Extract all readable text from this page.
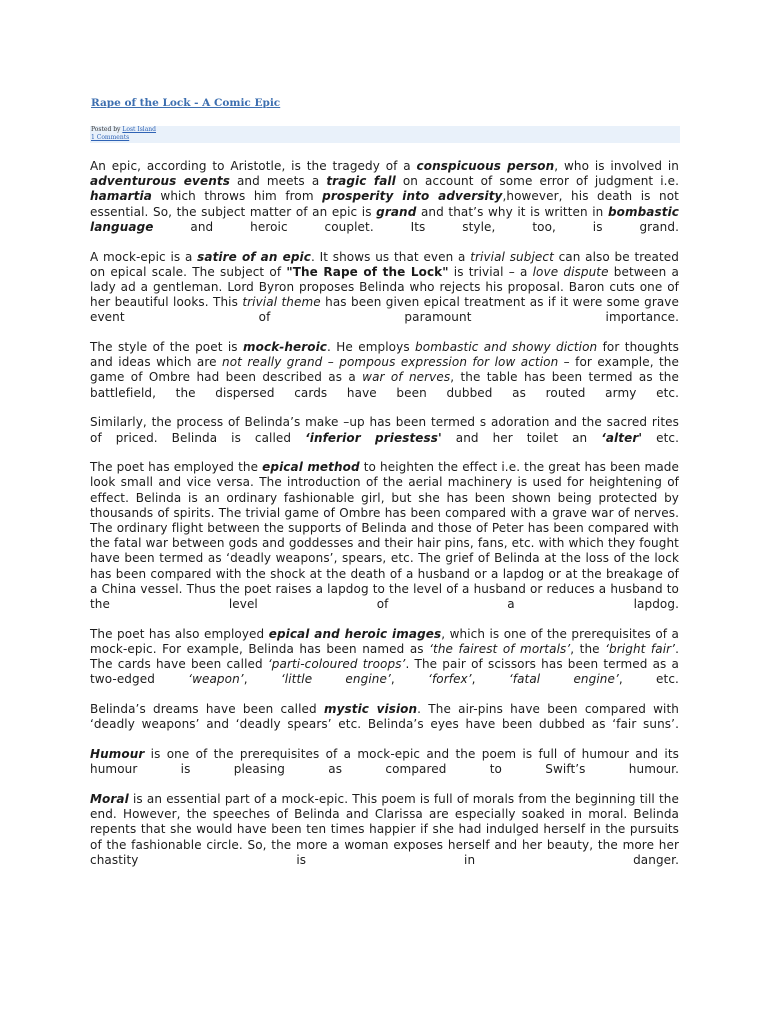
Rape of the Lock - A Comic Epic
Posted by Lost Island
1 Comments

An epic, according to Aristotle, is the tragedy of a conspicuous person, who is involved in adventurous events and meets a tragic fall on account of some error of judgment i.e. hamartia which throws him from prosperity into adversity,however, his death is not essential. So, the subject matter of an epic is grand and that’s why it is written in bombastic language and heroic couplet. Its style, too, is grand.

A mock-epic is a satire of an epic. It shows us that even a trivial subject can also be treated on epical scale. The subject of "The Rape of the Lock" is trivial – a love dispute between a lady ad a gentleman. Lord Byron proposes Belinda who rejects his proposal. Baron cuts one of her beautiful looks. This trivial theme has been given epical treatment as if it were some grave event of paramount importance.

The style of the poet is mock-heroic. He employs bombastic and showy diction for thoughts and ideas which are not really grand – pompous expression for low action – for example, the game of Ombre had been described as a war of nerves, the table has been termed as the battlefield, the dispersed cards have been dubbed as routed army etc.

Similarly, the process of Belinda’s make –up has been termed s adoration and the sacred rites of priced. Belinda is called ‘inferior priestess' and her toilet an ‘alter' etc.

The poet has employed the epical method to heighten the effect i.e. the great has been made look small and vice versa. The introduction of the aerial machinery is used for heightening of effect. Belinda is an ordinary fashionable girl, but she has been shown being protected by thousands of spirits. The trivial game of Ombre has been compared with a grave war of nerves. The ordinary flight between the supports of Belinda and those of Peter has been compared with the fatal war between gods and goddesses and their hair pins, fans, etc. with which they fought have been termed as ‘deadly weapons’, spears, etc. The grief of Belinda at the loss of the lock has been compared with the shock at the death of a husband or a lapdog or at the breakage of a China vessel. Thus the poet raises a lapdog to the level of a husband or reduces a husband to the level of a lapdog.

The poet has also employed epical and heroic images, which is one of the prerequisites of a mock-epic. For example, Belinda has been named as ‘the fairest of mortals’, the ‘bright fair’. The cards have been called ‘parti-coloured troops’. The pair of scissors has been termed as a two-edged ‘weapon’, ‘little engine’, ‘forfex’, ‘fatal engine’, etc.

Belinda’s dreams have been called mystic vision. The air-pins have been compared with ‘deadly weapons’ and ‘deadly spears’ etc. Belinda’s eyes have been dubbed as ‘fair suns’.

Humour is one of the prerequisites of a mock-epic and the poem is full of humour and its humour is pleasing as compared to Swift’s humour.

Moral is an essential part of a mock-epic. This poem is full of morals from the beginning till the end. However, the speeches of Belinda and Clarissa are especially soaked in moral. Belinda repents that she would have been ten times happier if she had indulged herself in the pursuits of the fashionable circle. So, the more a woman exposes herself and her beauty, the more her chastity is in danger.
